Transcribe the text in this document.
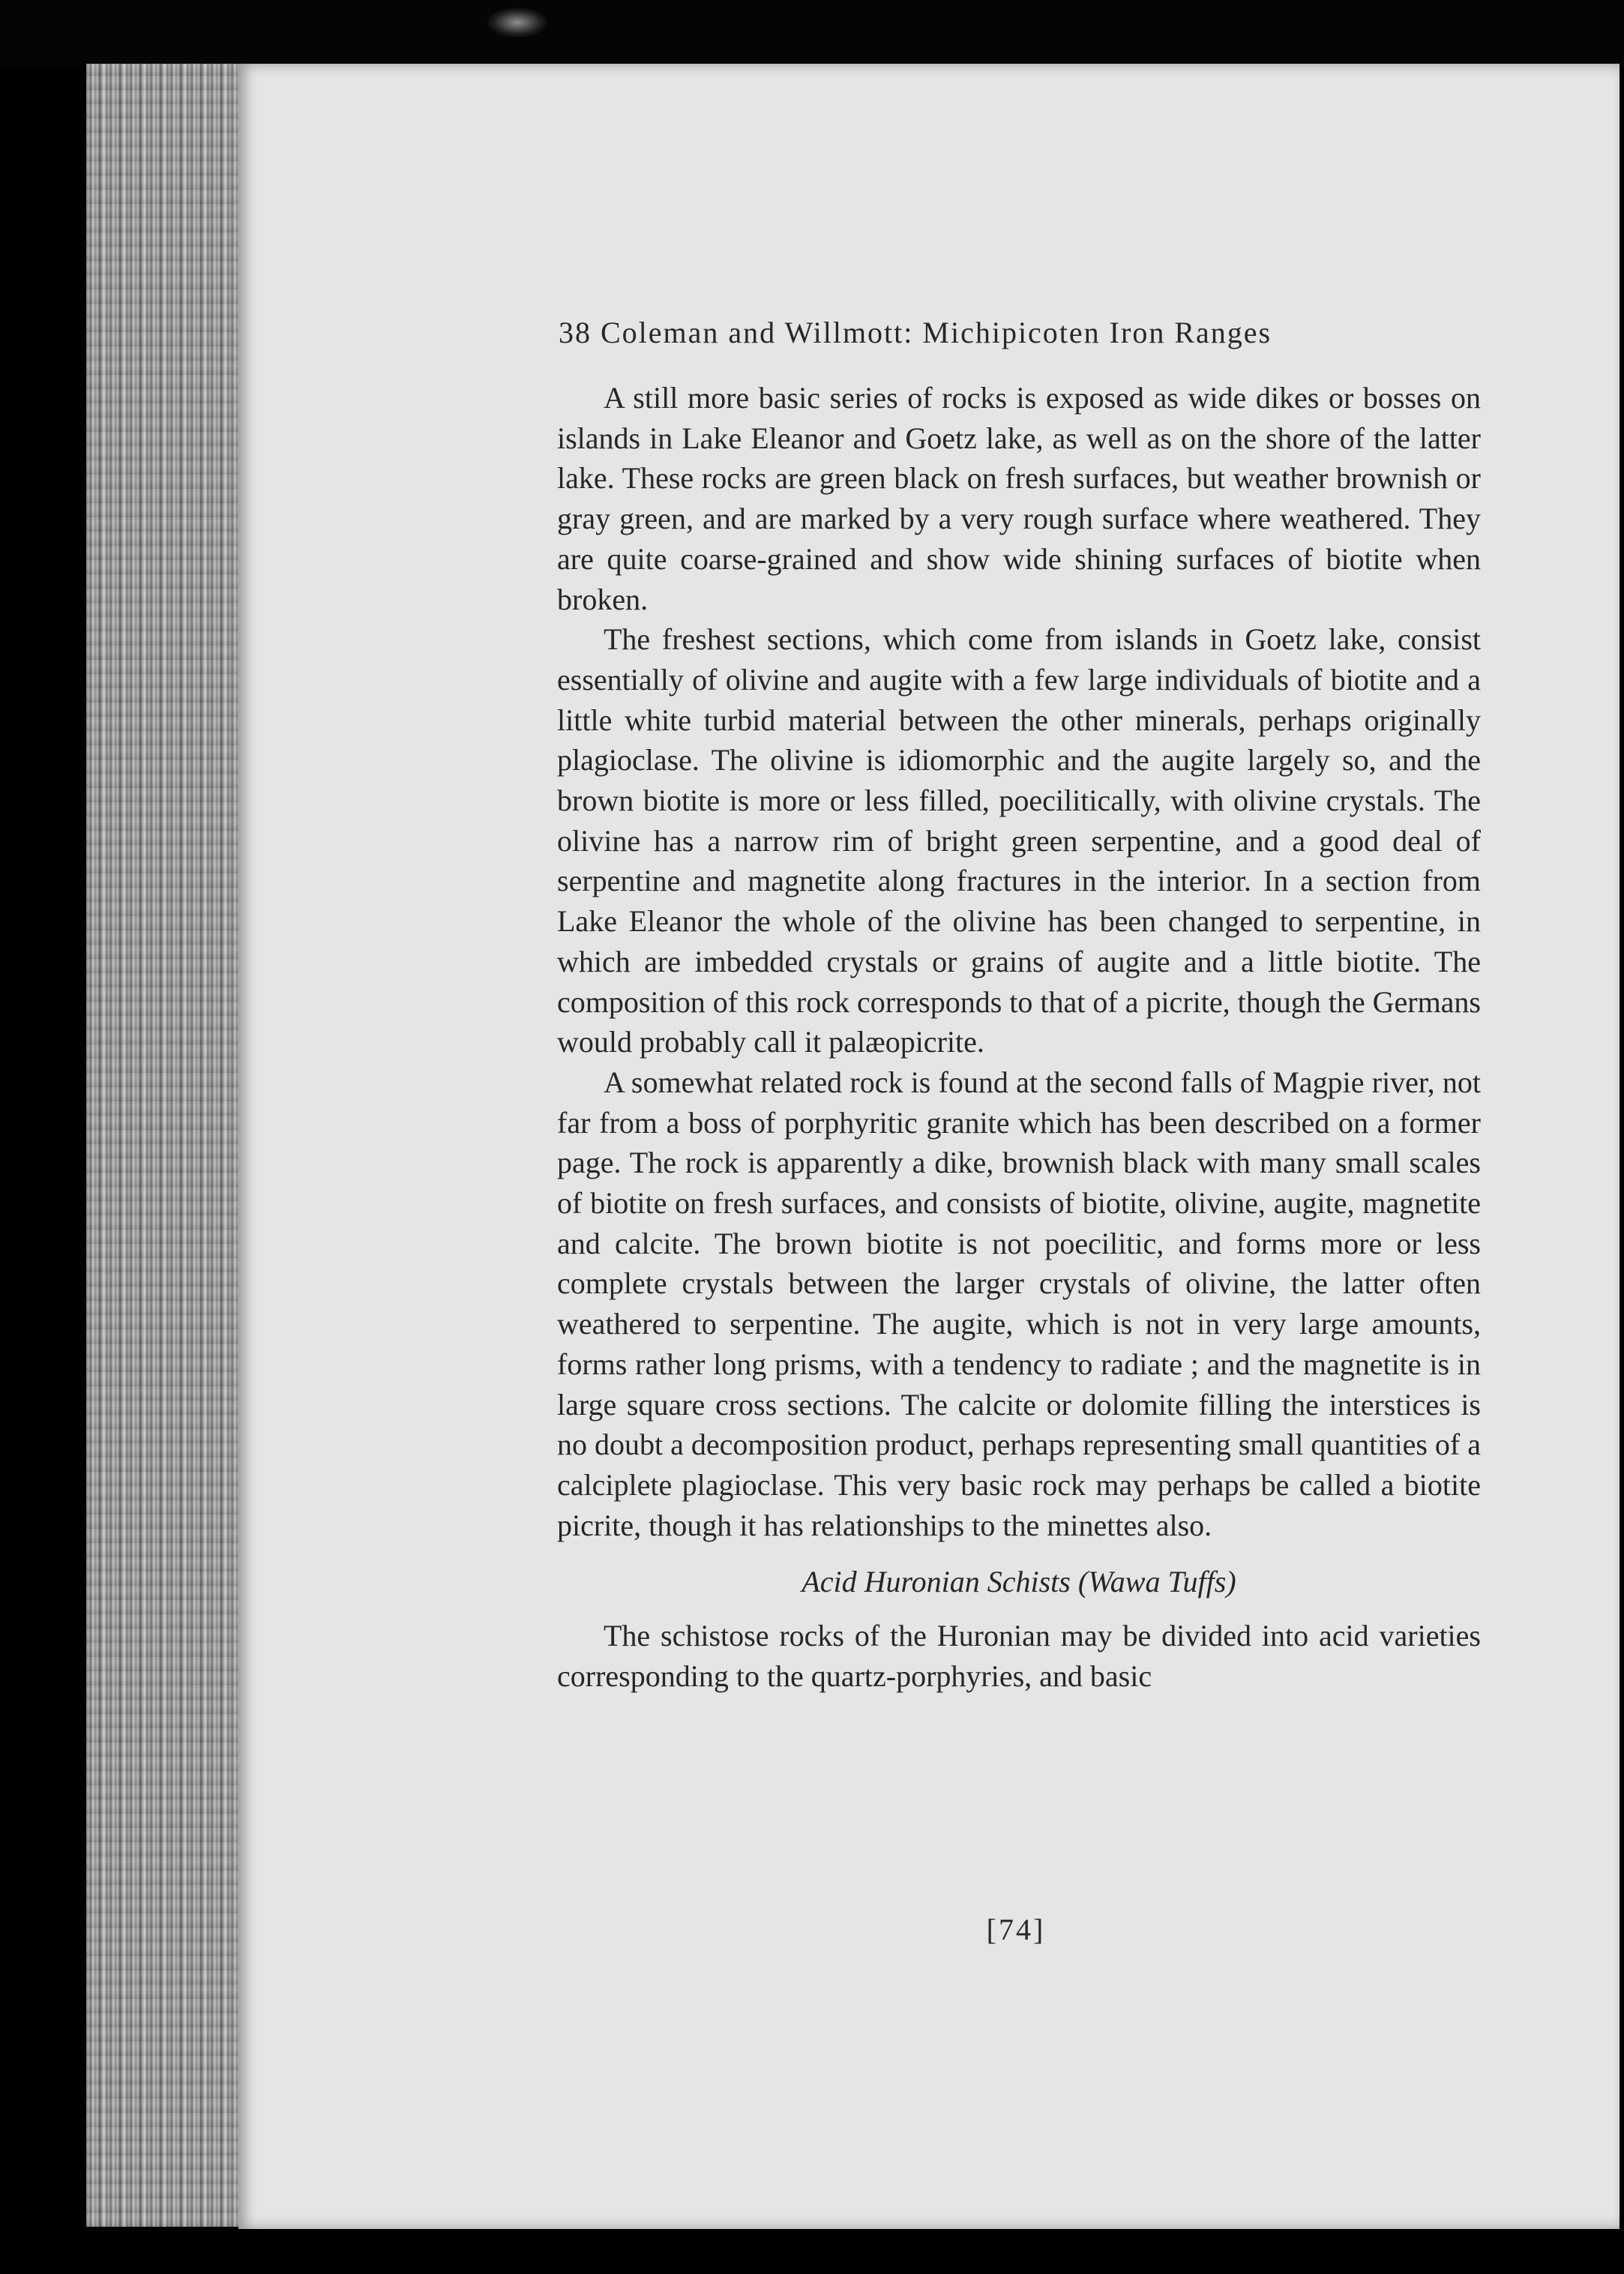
38 Coleman and Willmott: Michipicoten Iron Ranges

A still more basic series of rocks is exposed as wide dikes or bosses on islands in Lake Eleanor and Goetz lake, as well as on the shore of the latter lake. These rocks are green black on fresh surfaces, but weather brownish or gray green, and are marked by a very rough surface where weathered. They are quite coarse-grained and show wide shining surfaces of biotite when broken.

The freshest sections, which come from islands in Goetz lake, consist essentially of olivine and augite with a few large individuals of biotite and a little white turbid material between the other minerals, perhaps originally plagioclase. The olivine is idiomorphic and the augite largely so, and the brown biotite is more or less filled, poecilitically, with olivine crystals. The olivine has a narrow rim of bright green serpentine, and a good deal of serpentine and magnetite along fractures in the interior. In a section from Lake Eleanor the whole of the olivine has been changed to serpentine, in which are imbedded crystals or grains of augite and a little biotite. The composition of this rock corresponds to that of a picrite, though the Germans would probably call it palæopicrite.

A somewhat related rock is found at the second falls of Magpie river, not far from a boss of porphyritic granite which has been described on a former page. The rock is apparently a dike, brownish black with many small scales of biotite on fresh surfaces, and consists of biotite, olivine, augite, magnetite and calcite. The brown biotite is not poecilitic, and forms more or less complete crystals between the larger crystals of olivine, the latter often weathered to serpentine. The augite, which is not in very large amounts, forms rather long prisms, with a tendency to radiate ; and the magnetite is in large square cross sections. The calcite or dolomite filling the interstices is no doubt a decomposition product, perhaps representing small quantities of a calciplete plagioclase. This very basic rock may perhaps be called a biotite picrite, though it has relationships to the minettes also.

Acid Huronian Schists (Wawa Tuffs)

The schistose rocks of the Huronian may be divided into acid varieties corresponding to the quartz-porphyries, and basic

[74]
